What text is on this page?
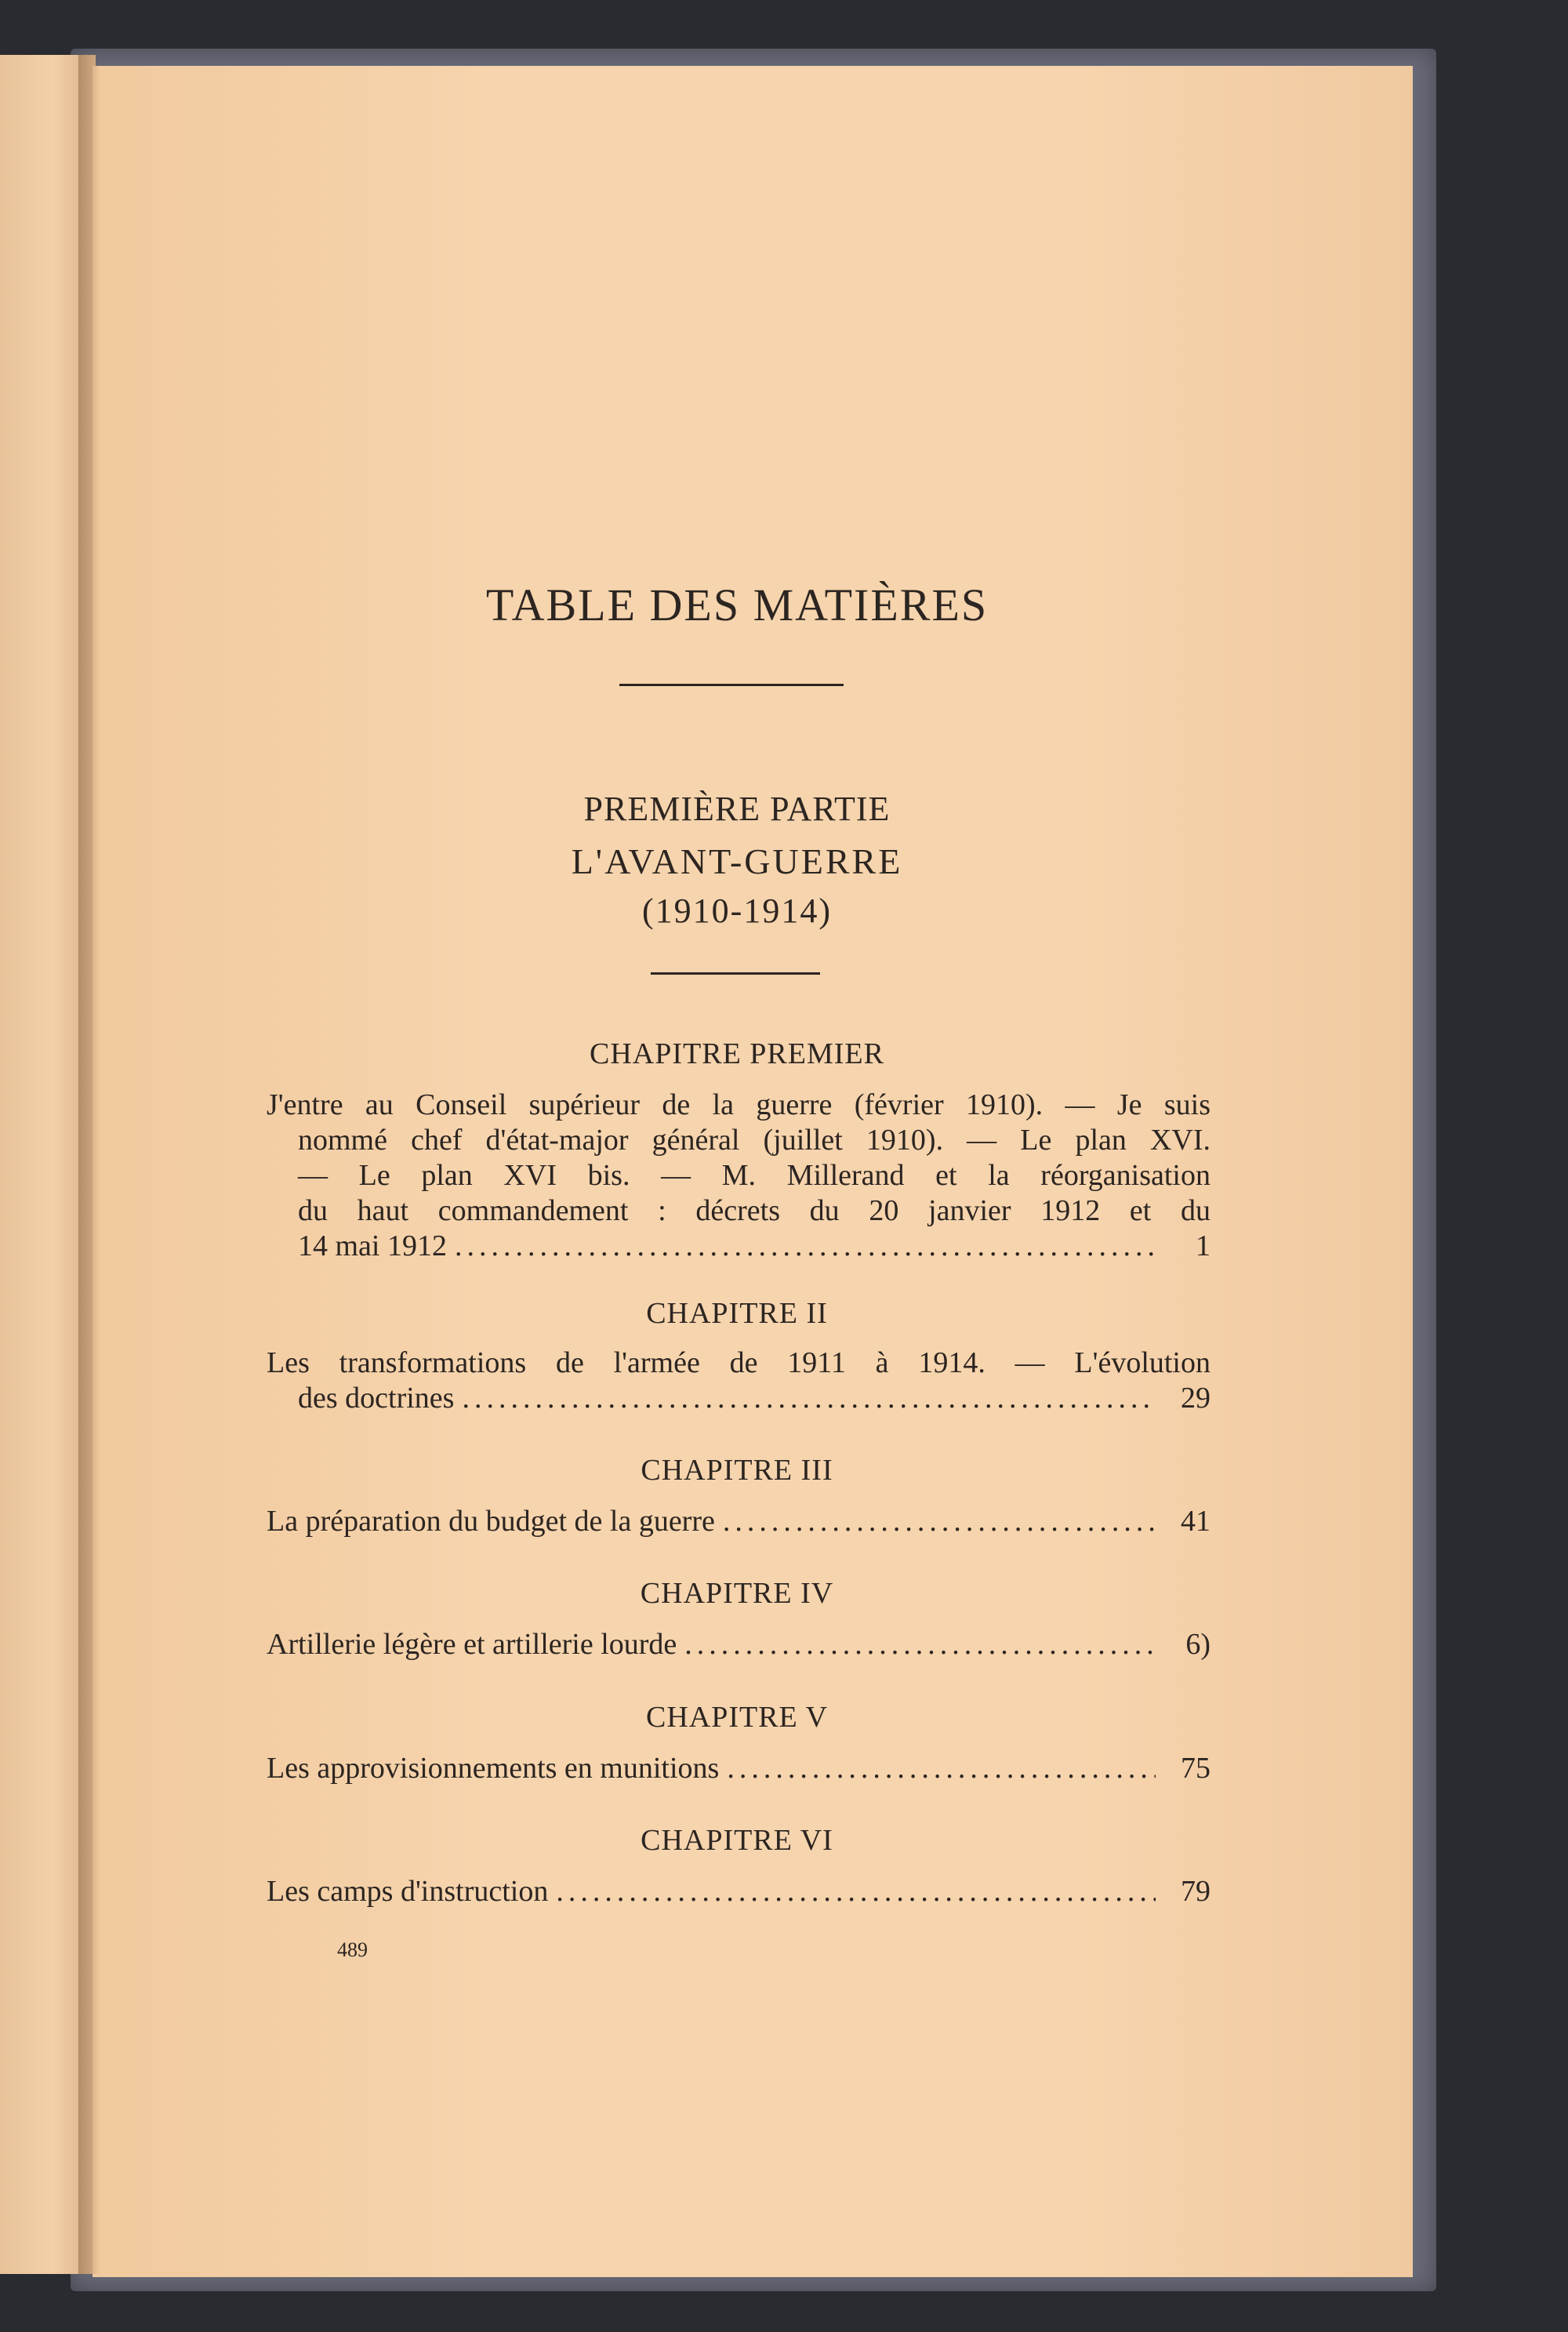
TABLE DES MATIÈRES
PREMIÈRE PARTIE
L'AVANT-GUERRE
(1910-1914)
CHAPITRE PREMIER
J'entre au Conseil supérieur de la guerre (février 1910). — Je suis
nommé chef d'état-major général (juillet 1910). — Le plan XVI.
— Le plan XVI bis. — M. Millerand et la réorganisation
du haut commandement : décrets du 20 janvier 1912 et du
14 mai 1912 .....	1
CHAPITRE II
Les transformations de l'armée de 1911 à 1914. — L'évolution
des doctrines .....	29
CHAPITRE III
La préparation du budget de la guerre .....	41
CHAPITRE IV
Artillerie légère et artillerie lourde .....	6)
CHAPITRE V
Les approvisionnements en munitions .....	75
CHAPITRE VI
Les camps d'instruction .....	79
489
